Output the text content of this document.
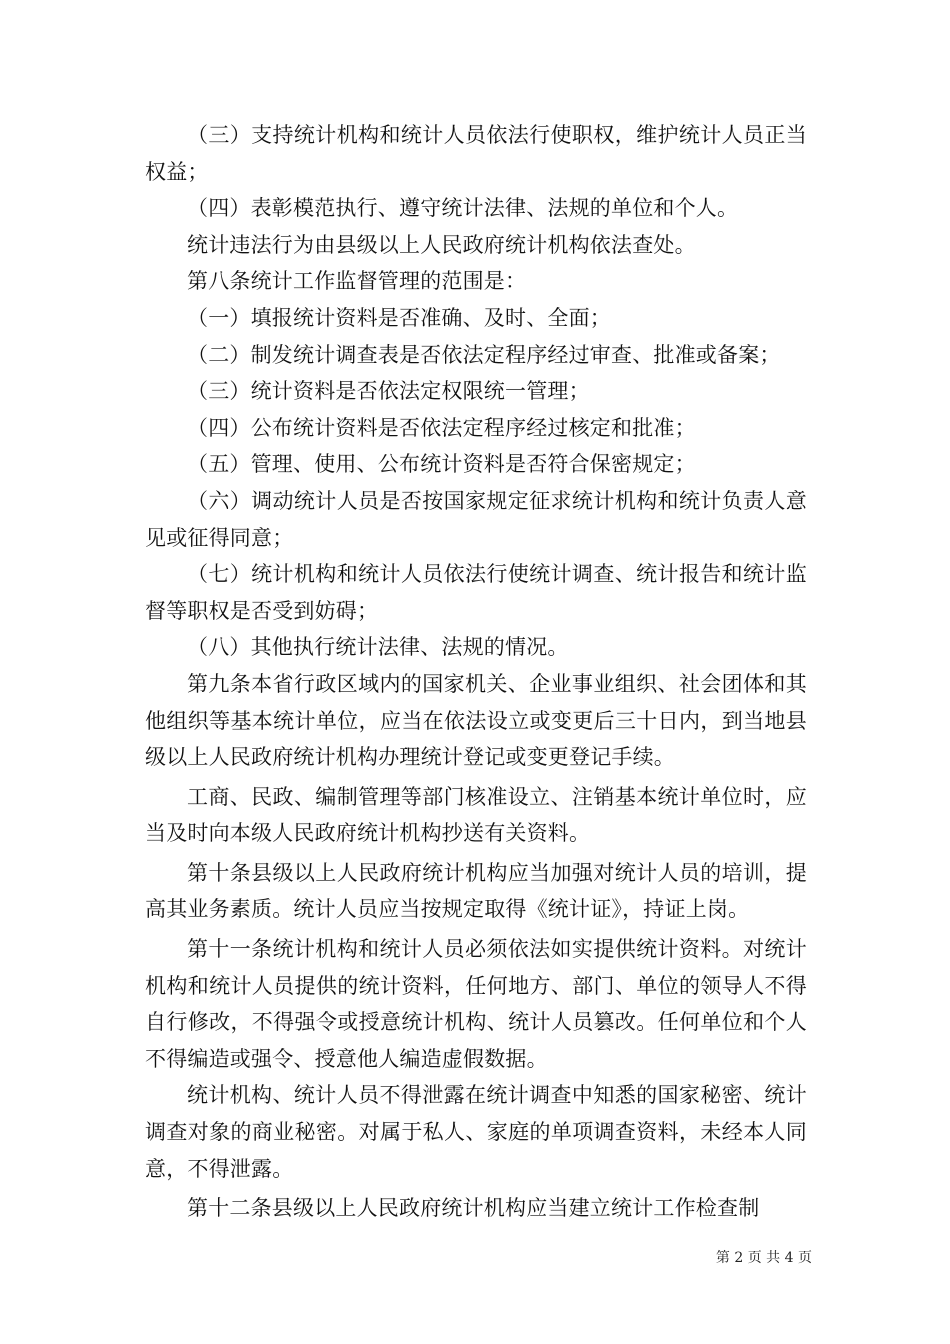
（三）支持统计机构和统计人员依法行使职权，维护统计人员正当权益；

（四）表彰模范执行、遵守统计法律、法规的单位和个人。

统计违法行为由县级以上人民政府统计机构依法查处。

第八条统计工作监督管理的范围是：

（一）填报统计资料是否准确、及时、全面；

（二）制发统计调查表是否依法定程序经过审查、批准或备案；

（三）统计资料是否依法定权限统一管理；

（四）公布统计资料是否依法定程序经过核定和批准；

（五）管理、使用、公布统计资料是否符合保密规定；

（六）调动统计人员是否按国家规定征求统计机构和统计负责人意见或征得同意；

（七）统计机构和统计人员依法行使统计调查、统计报告和统计监督等职权是否受到妨碍；

（八）其他执行统计法律、法规的情况。

第九条本省行政区域内的国家机关、企业事业组织、社会团体和其他组织等基本统计单位，应当在依法设立或变更后三十日内，到当地县级以上人民政府统计机构办理统计登记或变更登记手续。

工商、民政、编制管理等部门核准设立、注销基本统计单位时，应当及时向本级人民政府统计机构抄送有关资料。

第十条县级以上人民政府统计机构应当加强对统计人员的培训，提高其业务素质。统计人员应当按规定取得《统计证》，持证上岗。

第十一条统计机构和统计人员必须依法如实提供统计资料。对统计机构和统计人员提供的统计资料，任何地方、部门、单位的领导人不得自行修改，不得强令或授意统计机构、统计人员篡改。任何单位和个人不得编造或强令、授意他人编造虚假数据。

统计机构、统计人员不得泄露在统计调查中知悉的国家秘密、统计调查对象的商业秘密。对属于私人、家庭的单项调查资料，未经本人同意，不得泄露。

第十二条县级以上人民政府统计机构应当建立统计工作检查制

第 2 页 共 4 页
